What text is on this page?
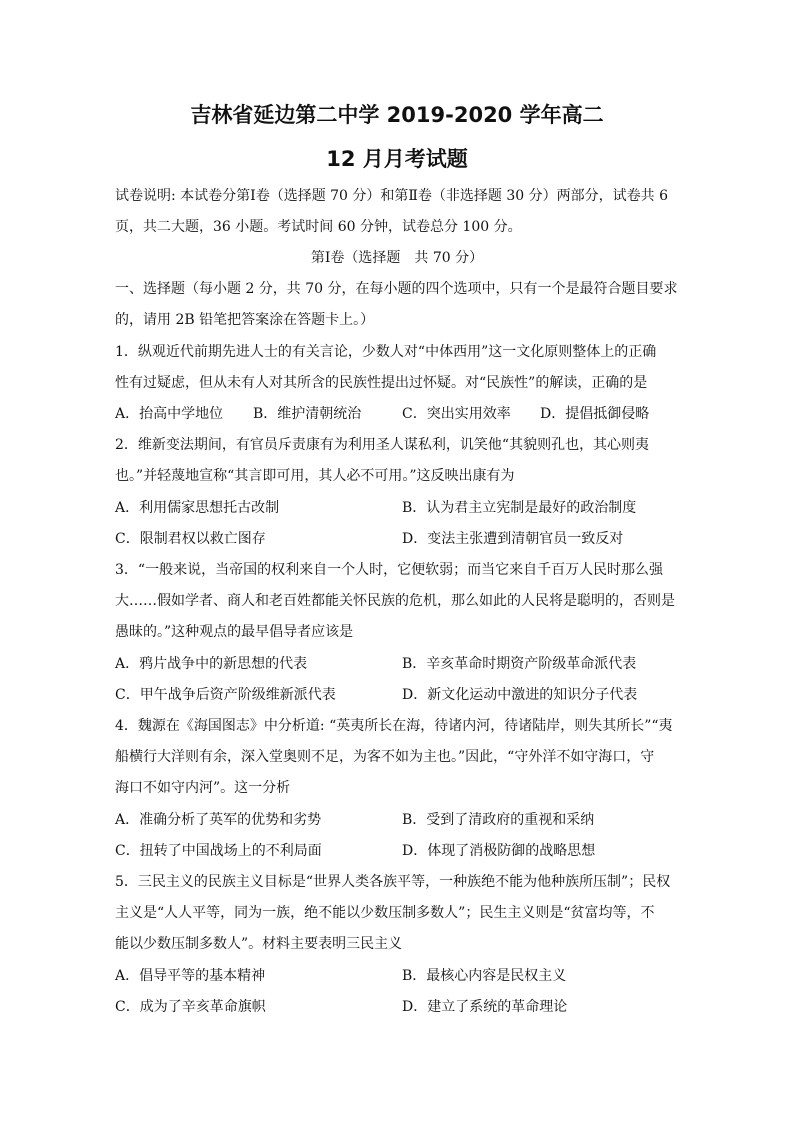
吉林省延边第二中学 2019-2020 学年高二
12 月月考试题
试卷说明: 本试卷分第Ⅰ卷（选择题 70 分）和第Ⅱ卷（非选择题 30 分）两部分，试卷共 6
页，共二大题，36 小题。考试时间 60 分钟，试卷总分 100 分。
第Ⅰ卷（选择题　共 70 分）
一、选择题（每小题 2 分，共 70 分，在每小题的四个选项中，只有一个是最符合题目要求
的，请用 2B 铅笔把答案涂在答题卡上。）
1．纵观近代前期先进人士的有关言论，少数人对“中体西用”这一文化原则整体上的正确
性有过疑虑，但从未有人对其所含的民族性提出过怀疑。对“民族性”的解读，正确的是
A．抬高中学地位 B．维护清朝统治	C．突出实用效率 D．提倡抵御侵略
2．维新变法期间，有官员斥责康有为利用圣人谋私利，讥笑他“其貌则孔也，其心则夷
也。”并轻蔑地宣称“其言即可用，其人必不可用。”这反映出康有为
A．利用儒家思想托古改制	B．认为君主立宪制是最好的政治制度
C．限制君权以救亡图存	D．变法主张遭到清朝官员一致反对
3．“一般来说，当帝国的权利来自一个人时，它便软弱；而当它来自千百万人民时那么强
大……假如学者、商人和老百姓都能关怀民族的危机，那么如此的人民将是聪明的，否则是
愚昧的。”这种观点的最早倡导者应该是
A．鸦片战争中的新思想的代表	B．辛亥革命时期资产阶级革命派代表
C．甲午战争后资产阶级维新派代表	D．新文化运动中激进的知识分子代表
4．魏源在《海国图志》中分析道: “英夷所长在海，待诸内河，待诸陆岸，则失其所长”“夷
船横行大洋则有余，深入堂奥则不足，为客不如为主也。”因此，“守外洋不如守海口，守
海口不如守内河”。这一分析
A．准确分析了英军的优势和劣势	B．受到了清政府的重视和采纳
C．扭转了中国战场上的不利局面	D．体现了消极防御的战略思想
5．三民主义的民族主义目标是“世界人类各族平等，一种族绝不能为他种族所压制”；民权
主义是“人人平等，同为一族，绝不能以少数压制多数人”；民生主义则是“贫富均等，不
能以少数压制多数人”。材料主要表明三民主义
A．倡导平等的基本精神	B．最核心内容是民权主义
C．成为了辛亥革命旗帜	D．建立了系统的革命理论
